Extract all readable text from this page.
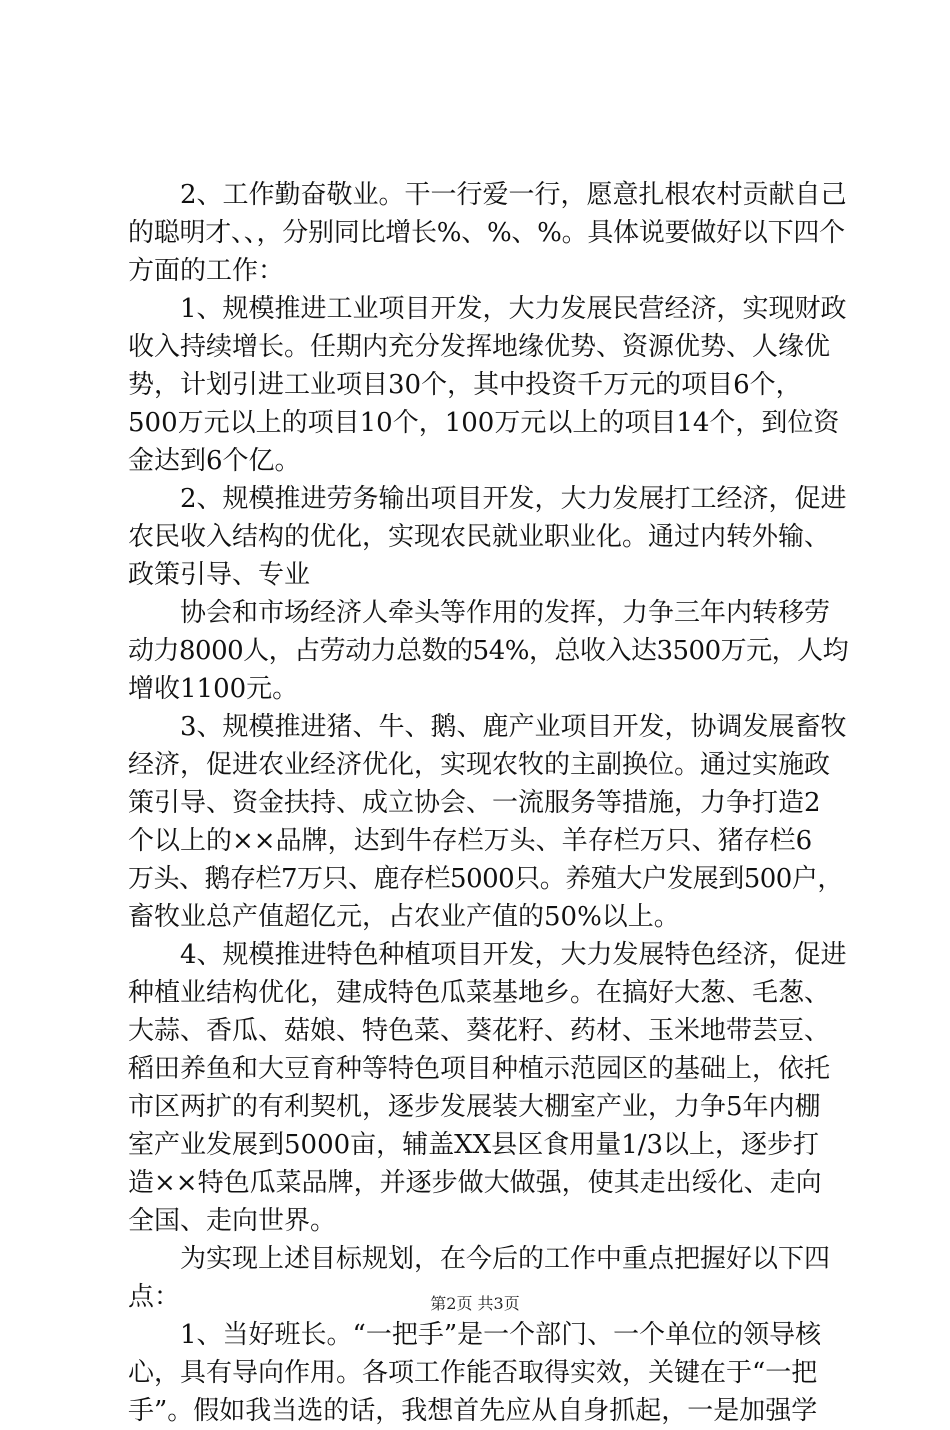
2、工作勤奋敬业。干一行爱一行，愿意扎根农村贡献自己
的聪明才、、，分别同比增长%、%、%。具体说要做好以下四个
方面的工作：
1、规模推进工业项目开发，大力发展民营经济，实现财政
收入持续增长。任期内充分发挥地缘优势、资源优势、人缘优
势，计划引进工业项目30个，其中投资千万元的项目6个，
500万元以上的项目10个，100万元以上的项目14个，到位资
金达到6个亿。
2、规模推进劳务输出项目开发，大力发展打工经济，促进
农民收入结构的优化，实现农民就业职业化。通过内转外输、
政策引导、专业
协会和市场经济人牵头等作用的发挥，力争三年内转移劳
动力8000人，占劳动力总数的54%，总收入达3500万元，人均
增收1100元。
3、规模推进猪、牛、鹅、鹿产业项目开发，协调发展畜牧
经济，促进农业经济优化，实现农牧的主副换位。通过实施政
策引导、资金扶持、成立协会、一流服务等措施，力争打造2
个以上的××品牌，达到牛存栏万头、羊存栏万只、猪存栏6
万头、鹅存栏7万只、鹿存栏5000只。养殖大户发展到500户，
畜牧业总产值超亿元，占农业产值的50%以上。
4、规模推进特色种植项目开发，大力发展特色经济，促进
种植业结构优化，建成特色瓜菜基地乡。在搞好大葱、毛葱、
大蒜、香瓜、菇娘、特色菜、葵花籽、药材、玉米地带芸豆、
稻田养鱼和大豆育种等特色项目种植示范园区的基础上，依托
市区两扩的有利契机，逐步发展装大棚室产业，力争5年内棚
室产业发展到5000亩，辅盖XX县区食用量1/3以上，逐步打
造××特色瓜菜品牌，并逐步做大做强，使其走出绥化、走向
全国、走向世界。
为实现上述目标规划，在今后的工作中重点把握好以下四
点：
1、当好班长。“一把手”是一个部门、一个单位的领导核
心，具有导向作用。各项工作能否取得实效，关键在于“一把
手”。假如我当选的话，我想首先应从自身抓起，一是加强学
第2页 共3页
